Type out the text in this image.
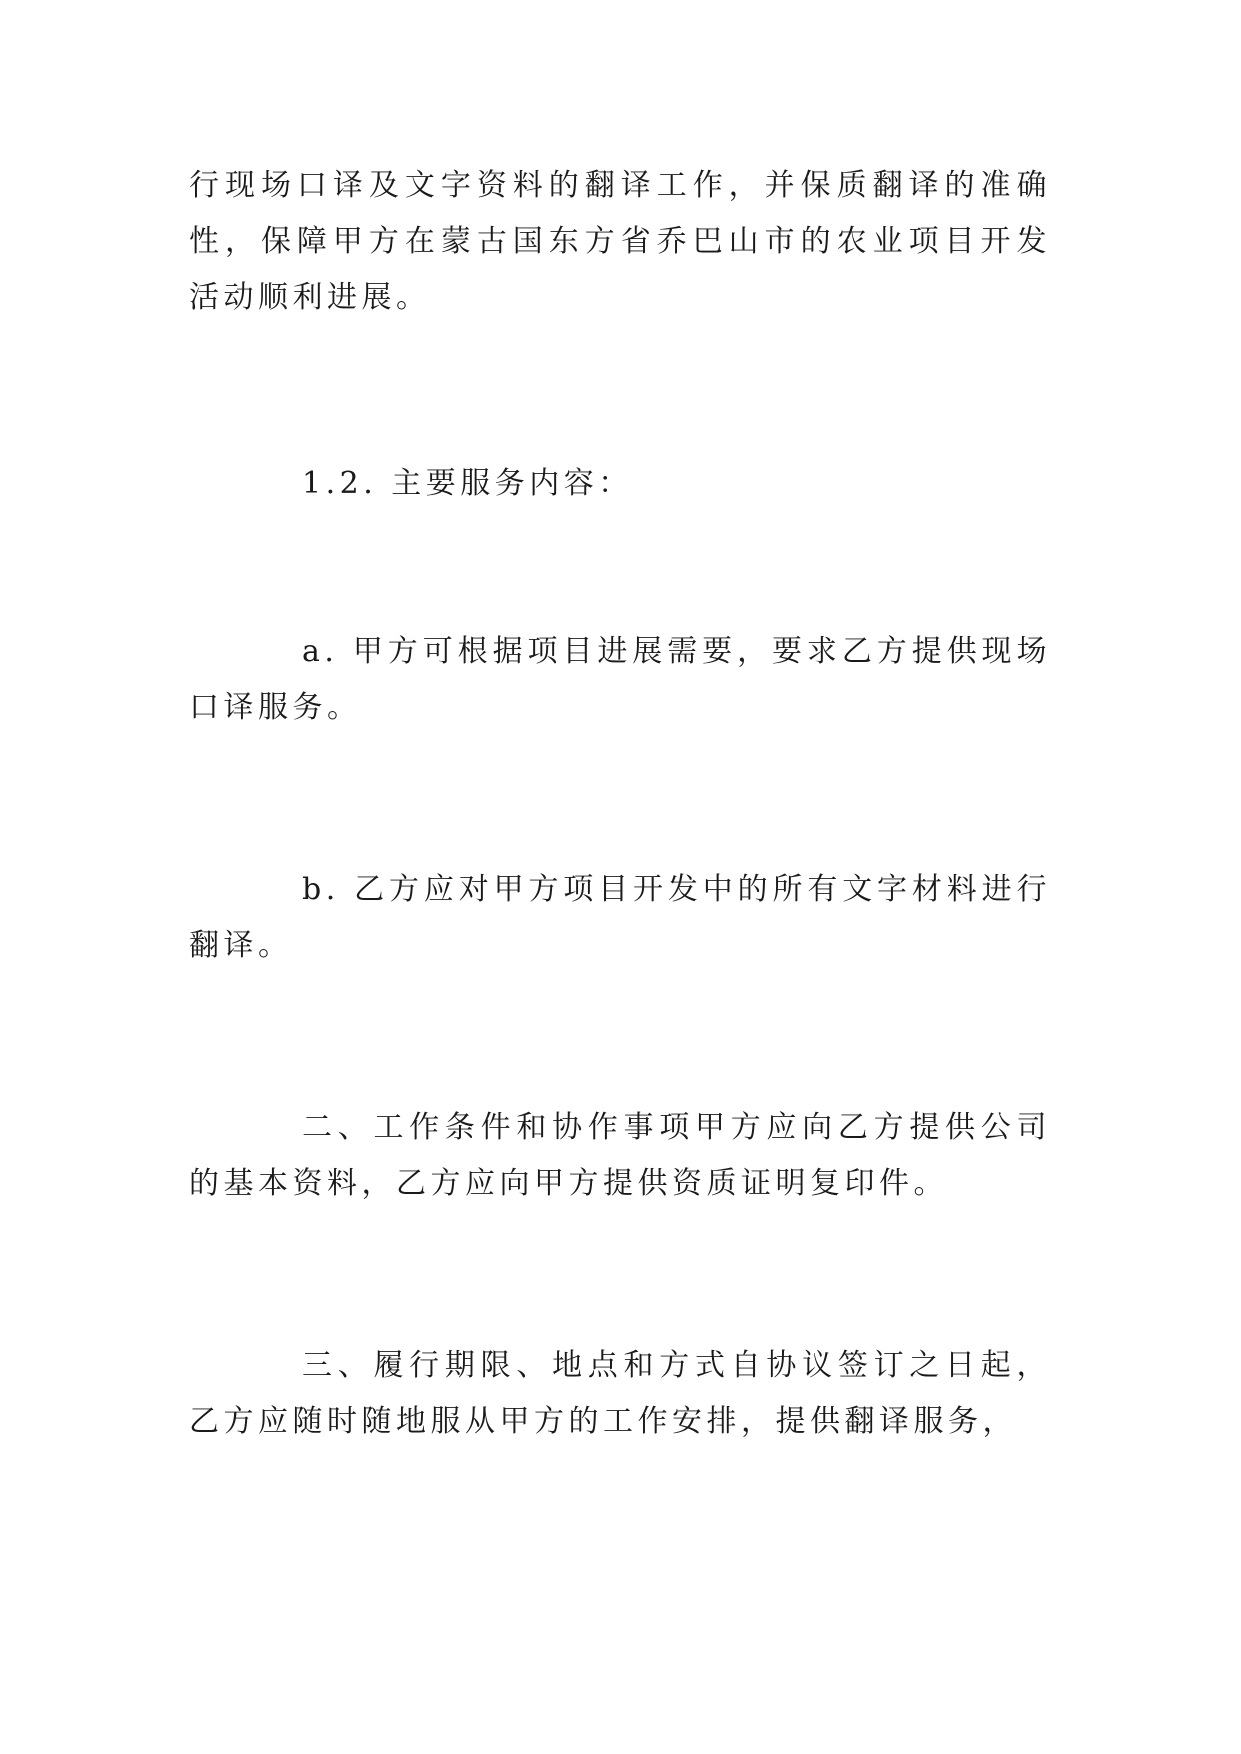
行现场口译及文字资料的翻译工作，并保质翻译的准确性，保障甲方在蒙古国东方省乔巴山市的农业项目开发活动顺利进展。

1.2. 主要服务内容：

a. 甲方可根据项目进展需要，要求乙方提供现场口译服务。

b. 乙方应对甲方项目开发中的所有文字材料进行翻译。

二、工作条件和协作事项甲方应向乙方提供公司的基本资料，乙方应向甲方提供资质证明复印件。

三、履行期限、地点和方式自协议签订之日起，乙方应随时随地服从甲方的工作安排，提供翻译服务，
